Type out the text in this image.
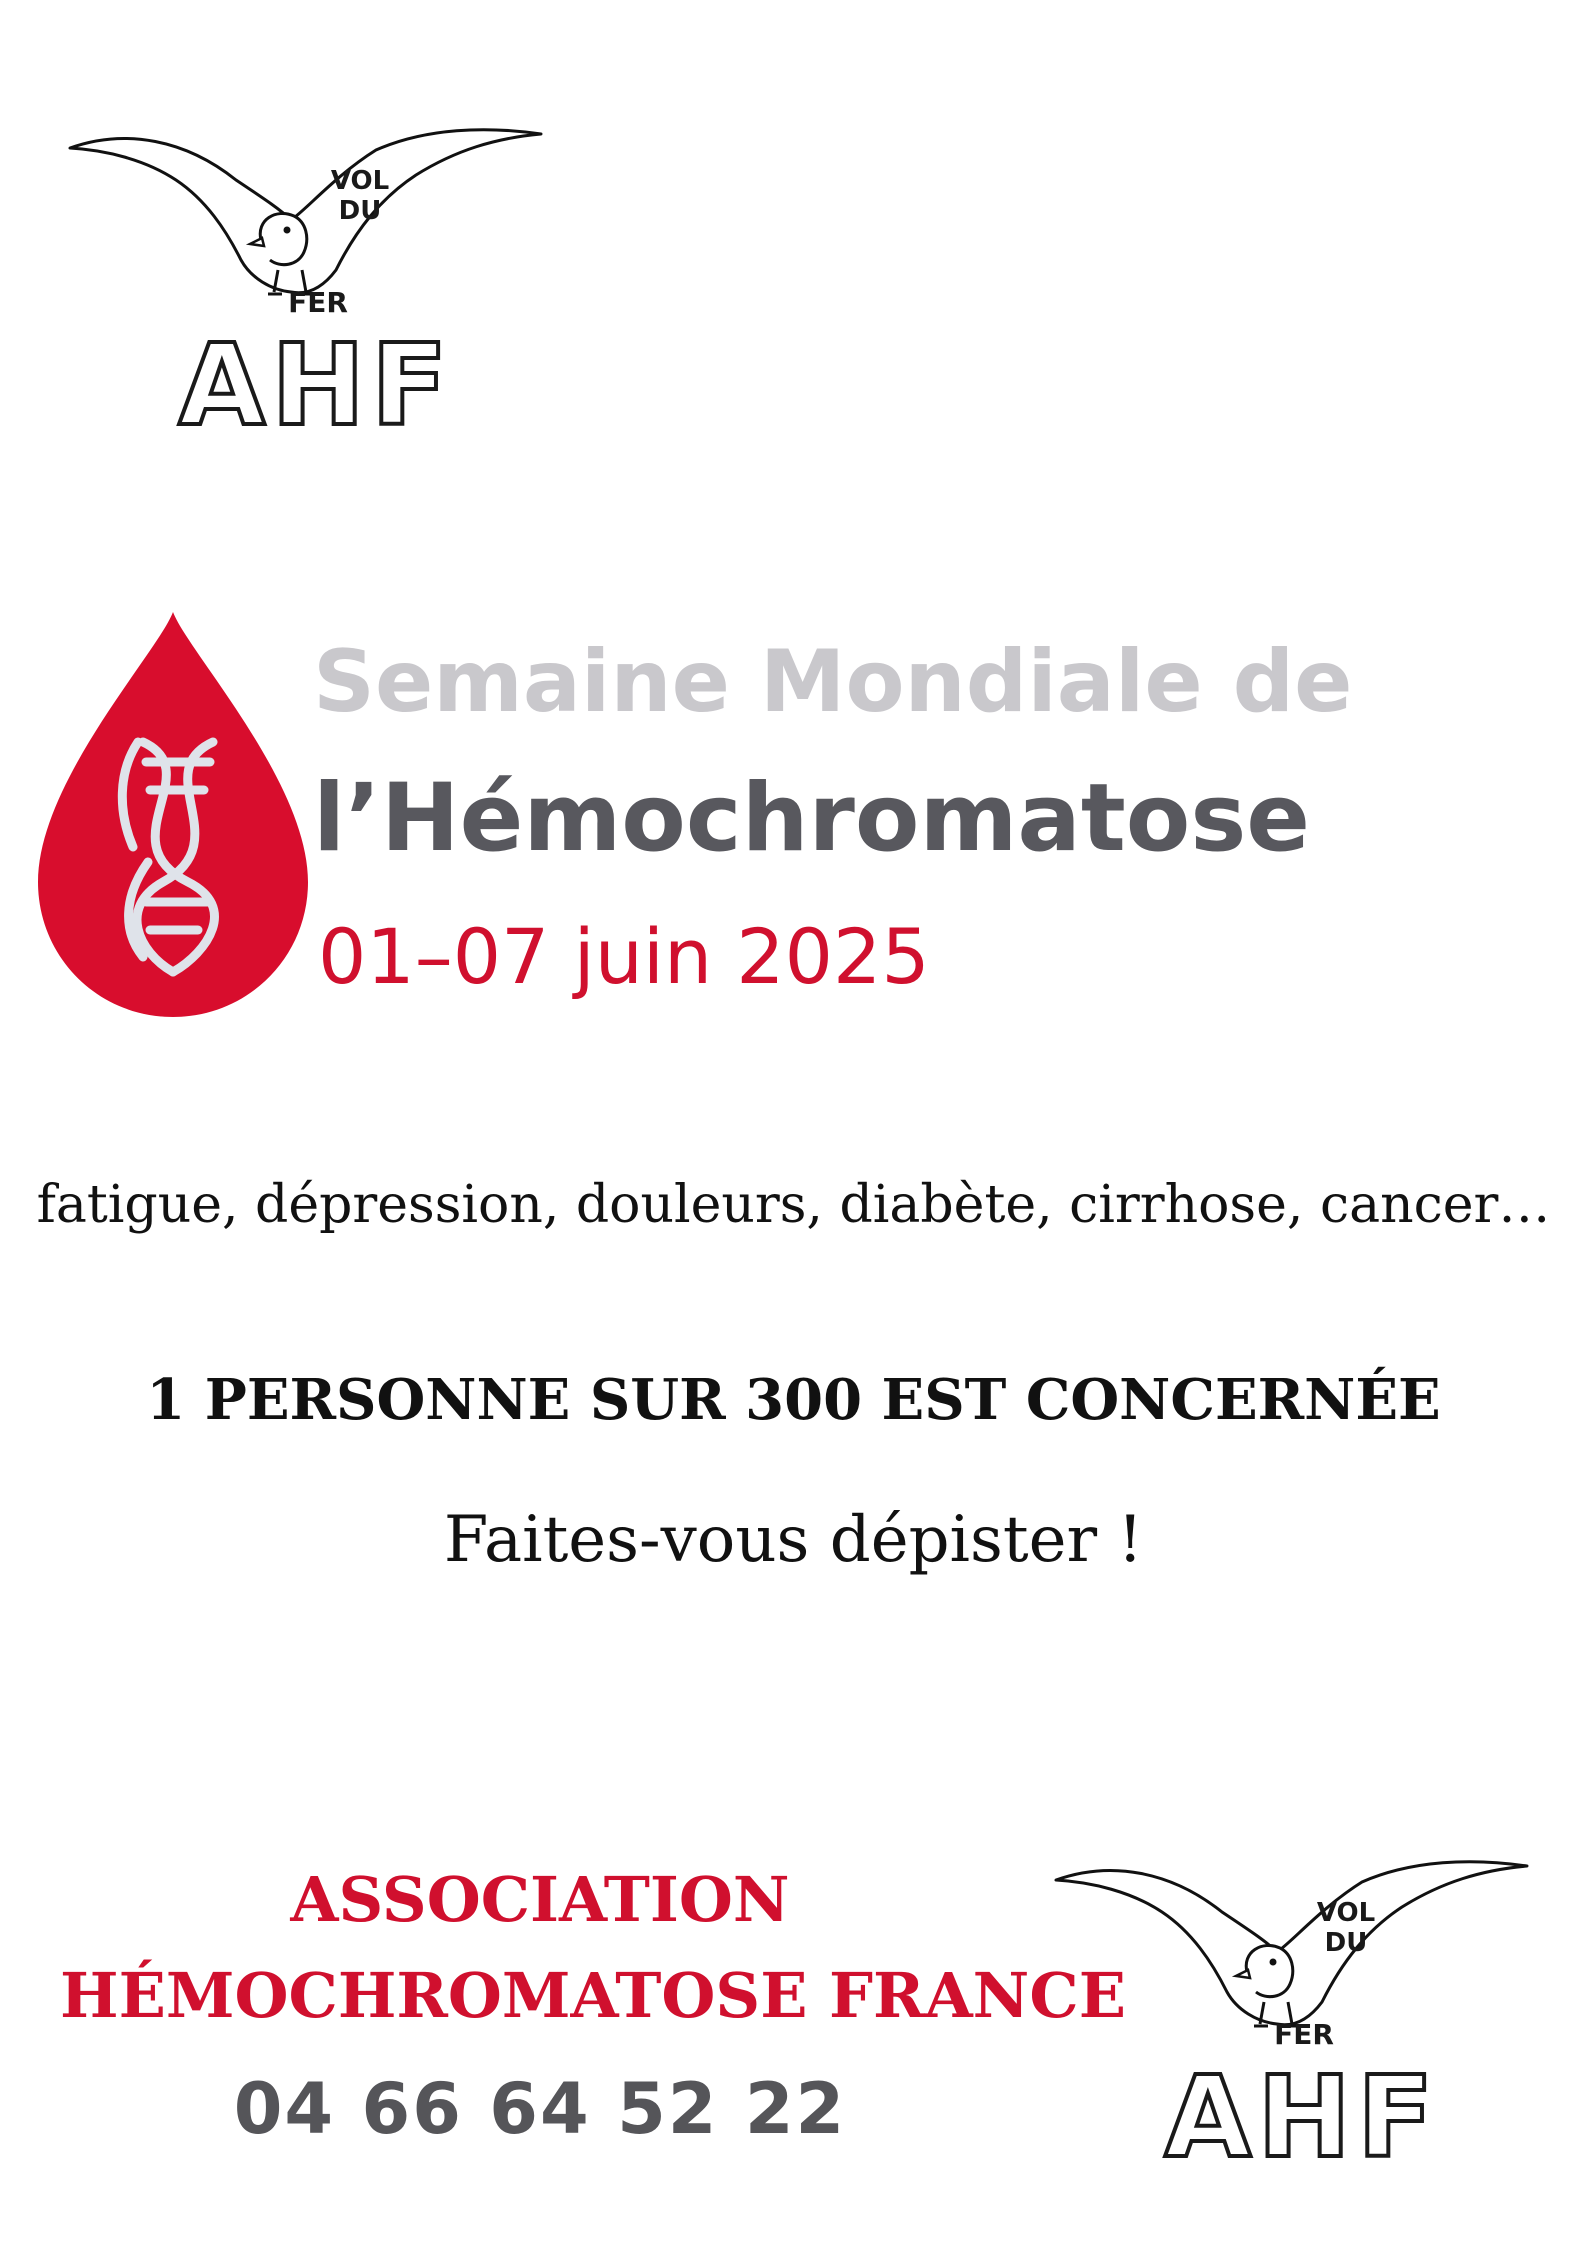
VOL
DU
FER
AHF
Semaine Mondiale de
l’Hémochromatose
01–07 juin 2025
fatigue, dépression, douleurs, diabète, cirrhose, cancer…
1 PERSONNE SUR 300 EST CONCERNÉE
Faites-vous dépister !
ASSOCIATION
HÉMOCHROMATOSE FRANCE
04 66 64 52 22
VOL
DU
FER
AHF
